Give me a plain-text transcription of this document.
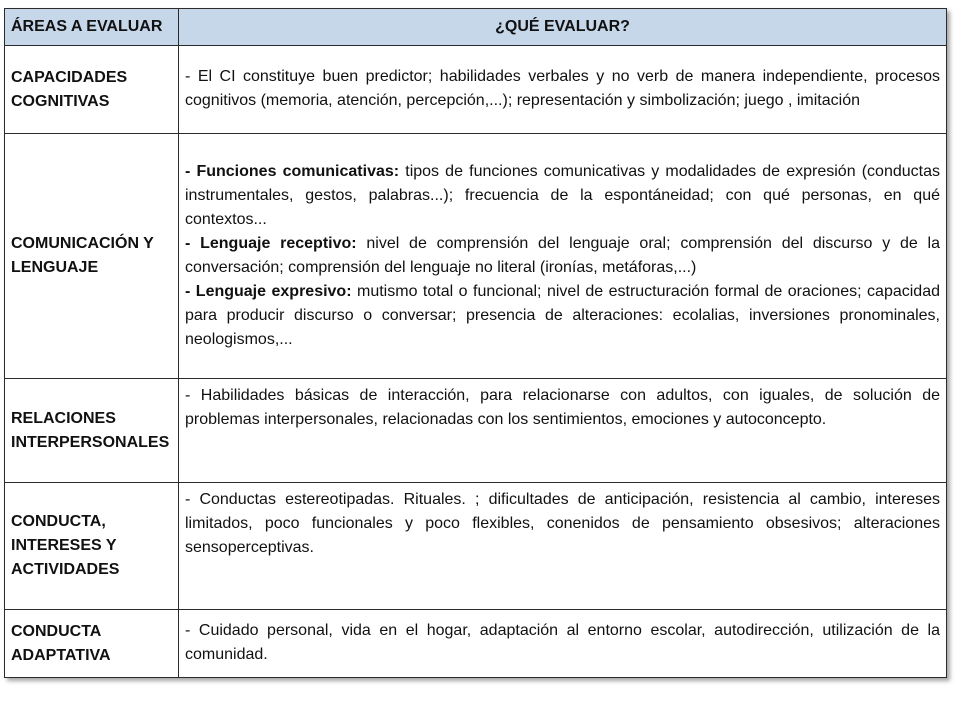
ÁREAS A EVALUAR	¿QUÉ EVALUAR?
CAPACIDADES COGNITIVAS	- El CI constituye buen predictor; habilidades verbales y no verb de manera independiente, procesos cognitivos (memoria, atención, percepción,...); representación y simbolización; juego , imitación

COMUNICACIÓN Y LENGUAJE	- Funciones comunicativas: tipos de funciones comunicativas y modalidades de expresión (conductas instrumentales, gestos, palabras...); frecuencia de la espontáneidad; con qué personas, en qué contextos...
- Lenguaje receptivo: nivel de comprensión del lenguaje oral; comprensión del discurso y de la conversación; comprensión del lenguaje no literal (ironías, metáforas,...)
- Lenguaje expresivo: mutismo total o funcional; nivel de estructuración formal de oraciones; capacidad para producir discurso o conversar; presencia de alteraciones: ecolalias, inversiones pronominales, neologismos,...

RELACIONES INTERPERSONALES	- Habilidades básicas de interacción, para relacionarse con adultos, con iguales, de solución de problemas interpersonales, relacionadas con los sentimientos, emociones y autoconcepto.

CONDUCTA, INTERESES Y ACTIVIDADES	- Conductas estereotipadas. Rituales. ; dificultades de anticipación, resistencia al cambio, intereses limitados, poco funcionales y poco flexibles, conenidos de pensamiento obsesivos; alteraciones sensoperceptivas.

CONDUCTA ADAPTATIVA	- Cuidado personal, vida en el hogar, adaptación al entorno escolar, autodirección, utilización de la comunidad.
